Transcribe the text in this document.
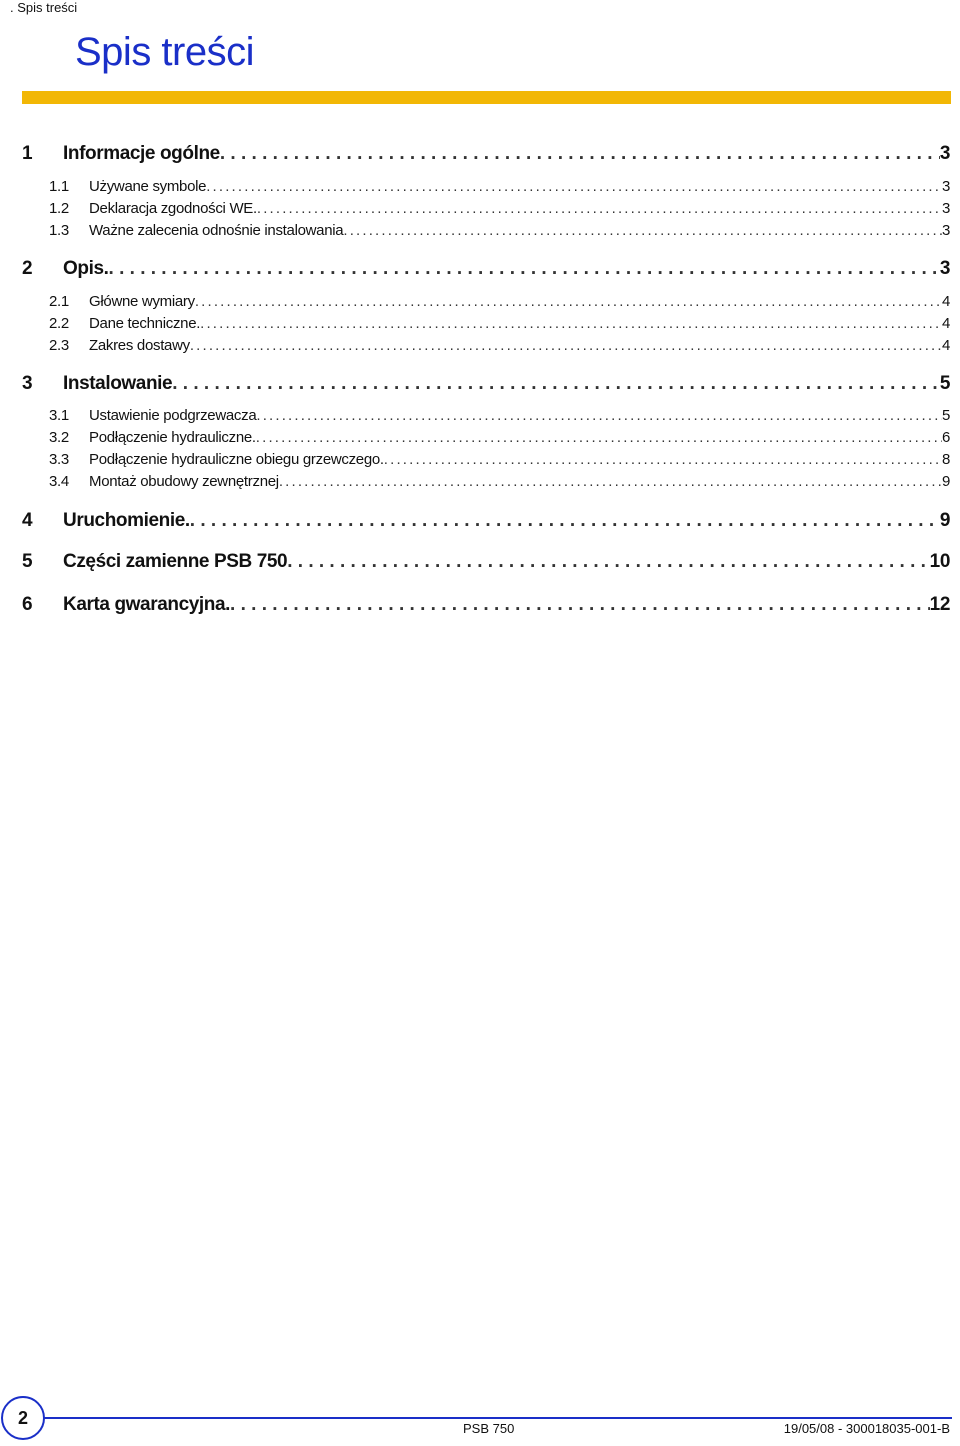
. Spis treści
Spis treści
1	Informacje ogólne . . .	3
1.1	Używane symbole . . .	3
1.2	Deklaracja zgodności WE. . . .	3
1.3	Ważne zalecenia odnośnie instalowania . . .	3
2	Opis. . . .	3
2.1	Główne wymiary . . .	4
2.2	Dane techniczne. . . .	4
2.3	Zakres dostawy . . .	4
3	Instalowanie . . .	5
3.1	Ustawienie podgrzewacza . . .	5
3.2	Podłączenie hydrauliczne. . . .	6
3.3	Podłączenie hydrauliczne obiegu grzewczego. . . .	8
3.4	Montaż obudowy zewnętrznej . . .	9
4	Uruchomienie. . . .	9
5	Części zamienne PSB 750 . . .	10
6	Karta gwarancyjna. . . .	12
2
PSB 750	19/05/08 - 300018035-001-B
